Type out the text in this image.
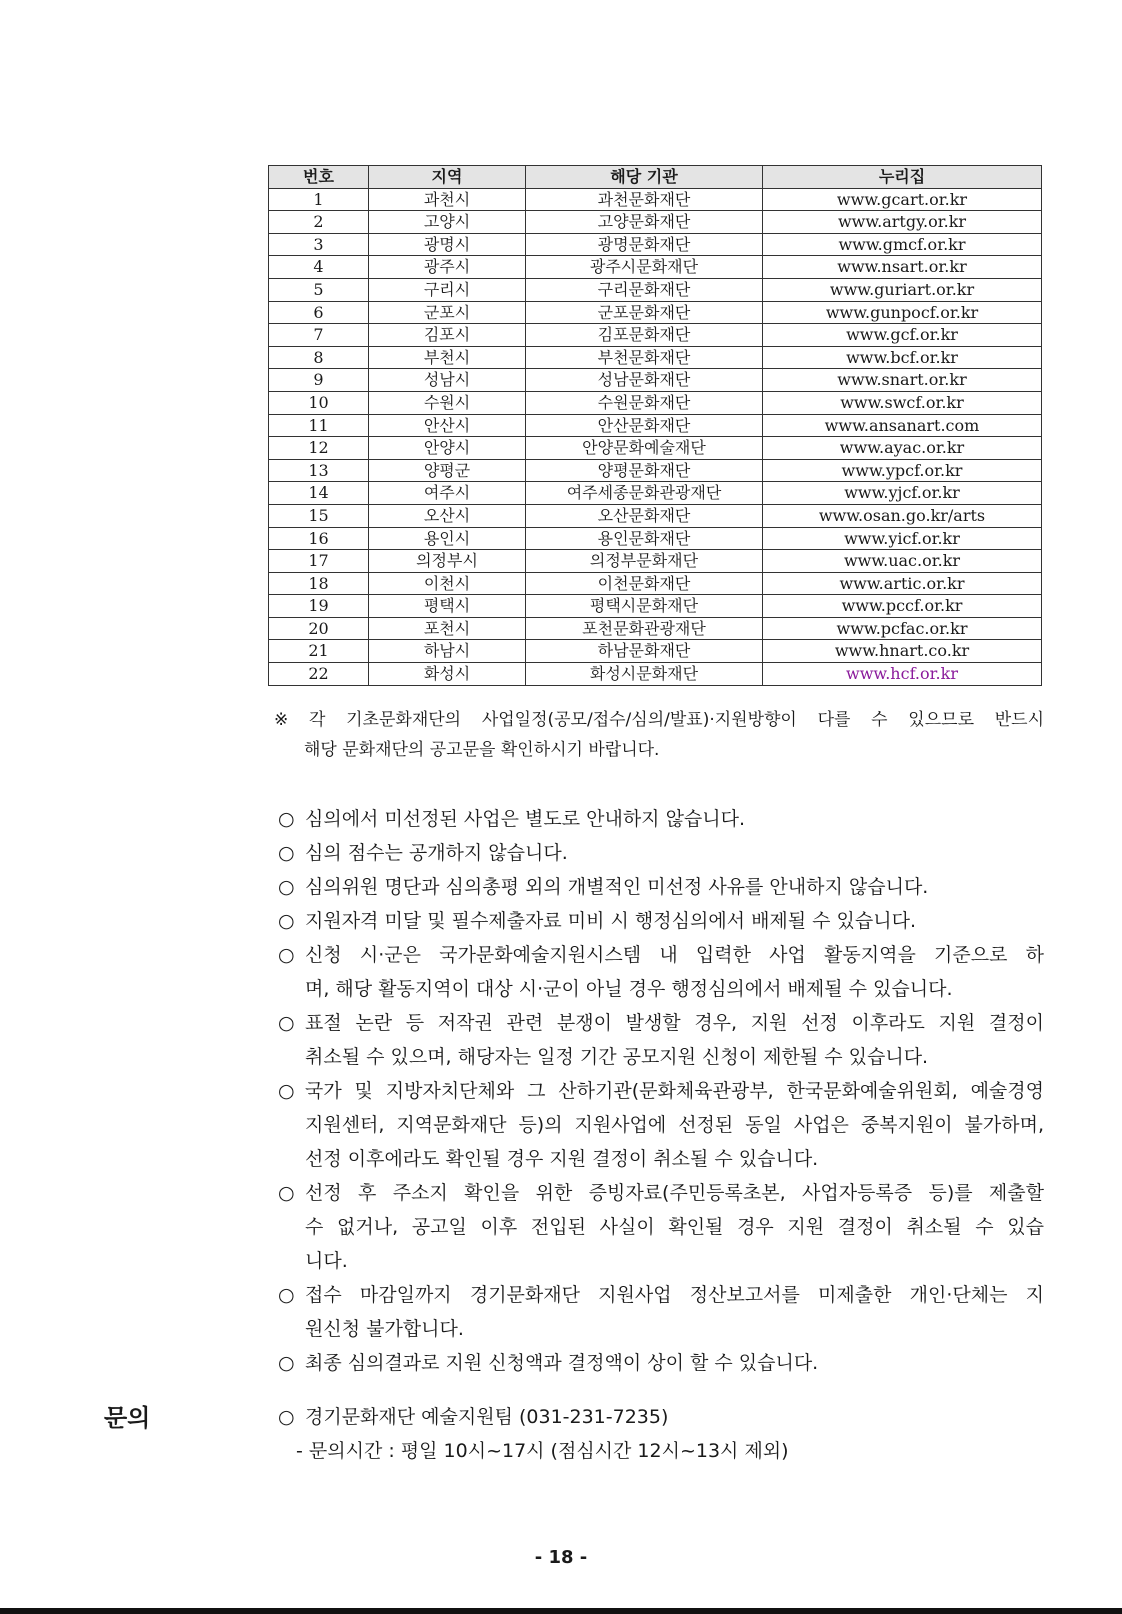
번호	지역	해당 기관	누리집
1	과천시	과천문화재단	www.gcart.or.kr
2	고양시	고양문화재단	www.artgy.or.kr
3	광명시	광명문화재단	www.gmcf.or.kr
4	광주시	광주시문화재단	www.nsart.or.kr
5	구리시	구리문화재단	www.guriart.or.kr
6	군포시	군포문화재단	www.gunpocf.or.kr
7	김포시	김포문화재단	www.gcf.or.kr
8	부천시	부천문화재단	www.bcf.or.kr
9	성남시	성남문화재단	www.snart.or.kr
10	수원시	수원문화재단	www.swcf.or.kr
11	안산시	안산문화재단	www.ansanart.com
12	안양시	안양문화예술재단	www.ayac.or.kr
13	양평군	양평문화재단	www.ypcf.or.kr
14	여주시	여주세종문화관광재단	www.yjcf.or.kr
15	오산시	오산문화재단	www.osan.go.kr/arts
16	용인시	용인문화재단	www.yicf.or.kr
17	의정부시	의정부문화재단	www.uac.or.kr
18	이천시	이천문화재단	www.artic.or.kr
19	평택시	평택시문화재단	www.pccf.or.kr
20	포천시	포천문화관광재단	www.pcfac.or.kr
21	하남시	하남문화재단	www.hnart.co.kr
22	화성시	화성시문화재단	www.hcf.or.kr
※ 각 기초문화재단의 사업일정(공모/접수/심의/발표)·지원방향이 다를 수 있으므로 반드시
해당 문화재단의 공고문을 확인하시기 바랍니다.
○ 심의에서 미선정된 사업은 별도로 안내하지 않습니다.
○ 심의 점수는 공개하지 않습니다.
○ 심의위원 명단과 심의총평 외의 개별적인 미선정 사유를 안내하지 않습니다.
○ 지원자격 미달 및 필수제출자료 미비 시 행정심의에서 배제될 수 있습니다.
○ 신청 시·군은 국가문화예술지원시스템 내 입력한 사업 활동지역을 기준으로 하
며, 해당 활동지역이 대상 시·군이 아닐 경우 행정심의에서 배제될 수 있습니다.
○ 표절 논란 등 저작권 관련 분쟁이 발생할 경우, 지원 선정 이후라도 지원 결정이
취소될 수 있으며, 해당자는 일정 기간 공모지원 신청이 제한될 수 있습니다.
○ 국가 및 지방자치단체와 그 산하기관(문화체육관광부, 한국문화예술위원회, 예술경영
지원센터, 지역문화재단 등)의 지원사업에 선정된 동일 사업은 중복지원이 불가하며,
선정 이후에라도 확인될 경우 지원 결정이 취소될 수 있습니다.
○ 선정 후 주소지 확인을 위한 증빙자료(주민등록초본, 사업자등록증 등)를 제출할
수 없거나, 공고일 이후 전입된 사실이 확인될 경우 지원 결정이 취소될 수 있습
니다.
○ 접수 마감일까지 경기문화재단 지원사업 정산보고서를 미제출한 개인·단체는 지
원신청 불가합니다.
○ 최종 심의결과로 지원 신청액과 결정액이 상이 할 수 있습니다.
문의	○ 경기문화재단 예술지원팀 (031-231-7235)
- 문의시간 : 평일 10시~17시 (점심시간 12시~13시 제외)
- 18 -
